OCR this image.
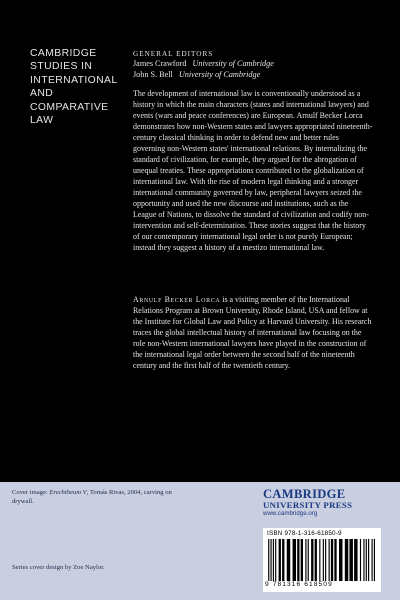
CAMBRIDGE
STUDIES IN
INTERNATIONAL
AND
COMPARATIVE
LAW
GENERAL EDITORS
James Crawford University of Cambridge
John S. Bell University of Cambridge

The development of international law is conventionally understood as a history in which the main characters (states and international lawyers) and events (wars and peace conferences) are European. Arnulf Becker Lorca demonstrates how non-Western states and lawyers appropriated nineteenth-century classical thinking in order to defend new and better rules governing non-Western states' international relations. By internalizing the standard of civilization, for example, they argued for the abrogation of unequal treaties. These appropriations contributed to the globalization of international law. With the rise of modern legal thinking and a stronger international community governed by law, peripheral lawyers seized the opportunity and used the new discourse and institutions, such as the League of Nations, to dissolve the standard of civilization and codify non-intervention and self-determination. These stories suggest that the history of our contemporary international legal order is not purely European; instead they suggest a history of a mestizo international law.

Arnulf Becker Lorca is a visiting member of the International Relations Program at Brown University, Rhode Island, USA and fellow at the Institute for Global Law and Policy at Harvard University. His research traces the global intellectual history of international law focusing on the role non-Western international lawyers have played in the construction of the international legal order between the second half of the nineteenth century and the first half of the twentieth century.

Cover image: Erechtheum V, Tomás Rivas, 2004, carving on drywall.
Series cover design by Zoe Naylor.
CAMBRIDGE
UNIVERSITY PRESS
www.cambridge.org
ISBN 978-1-316-61850-9
9 781316 618509
